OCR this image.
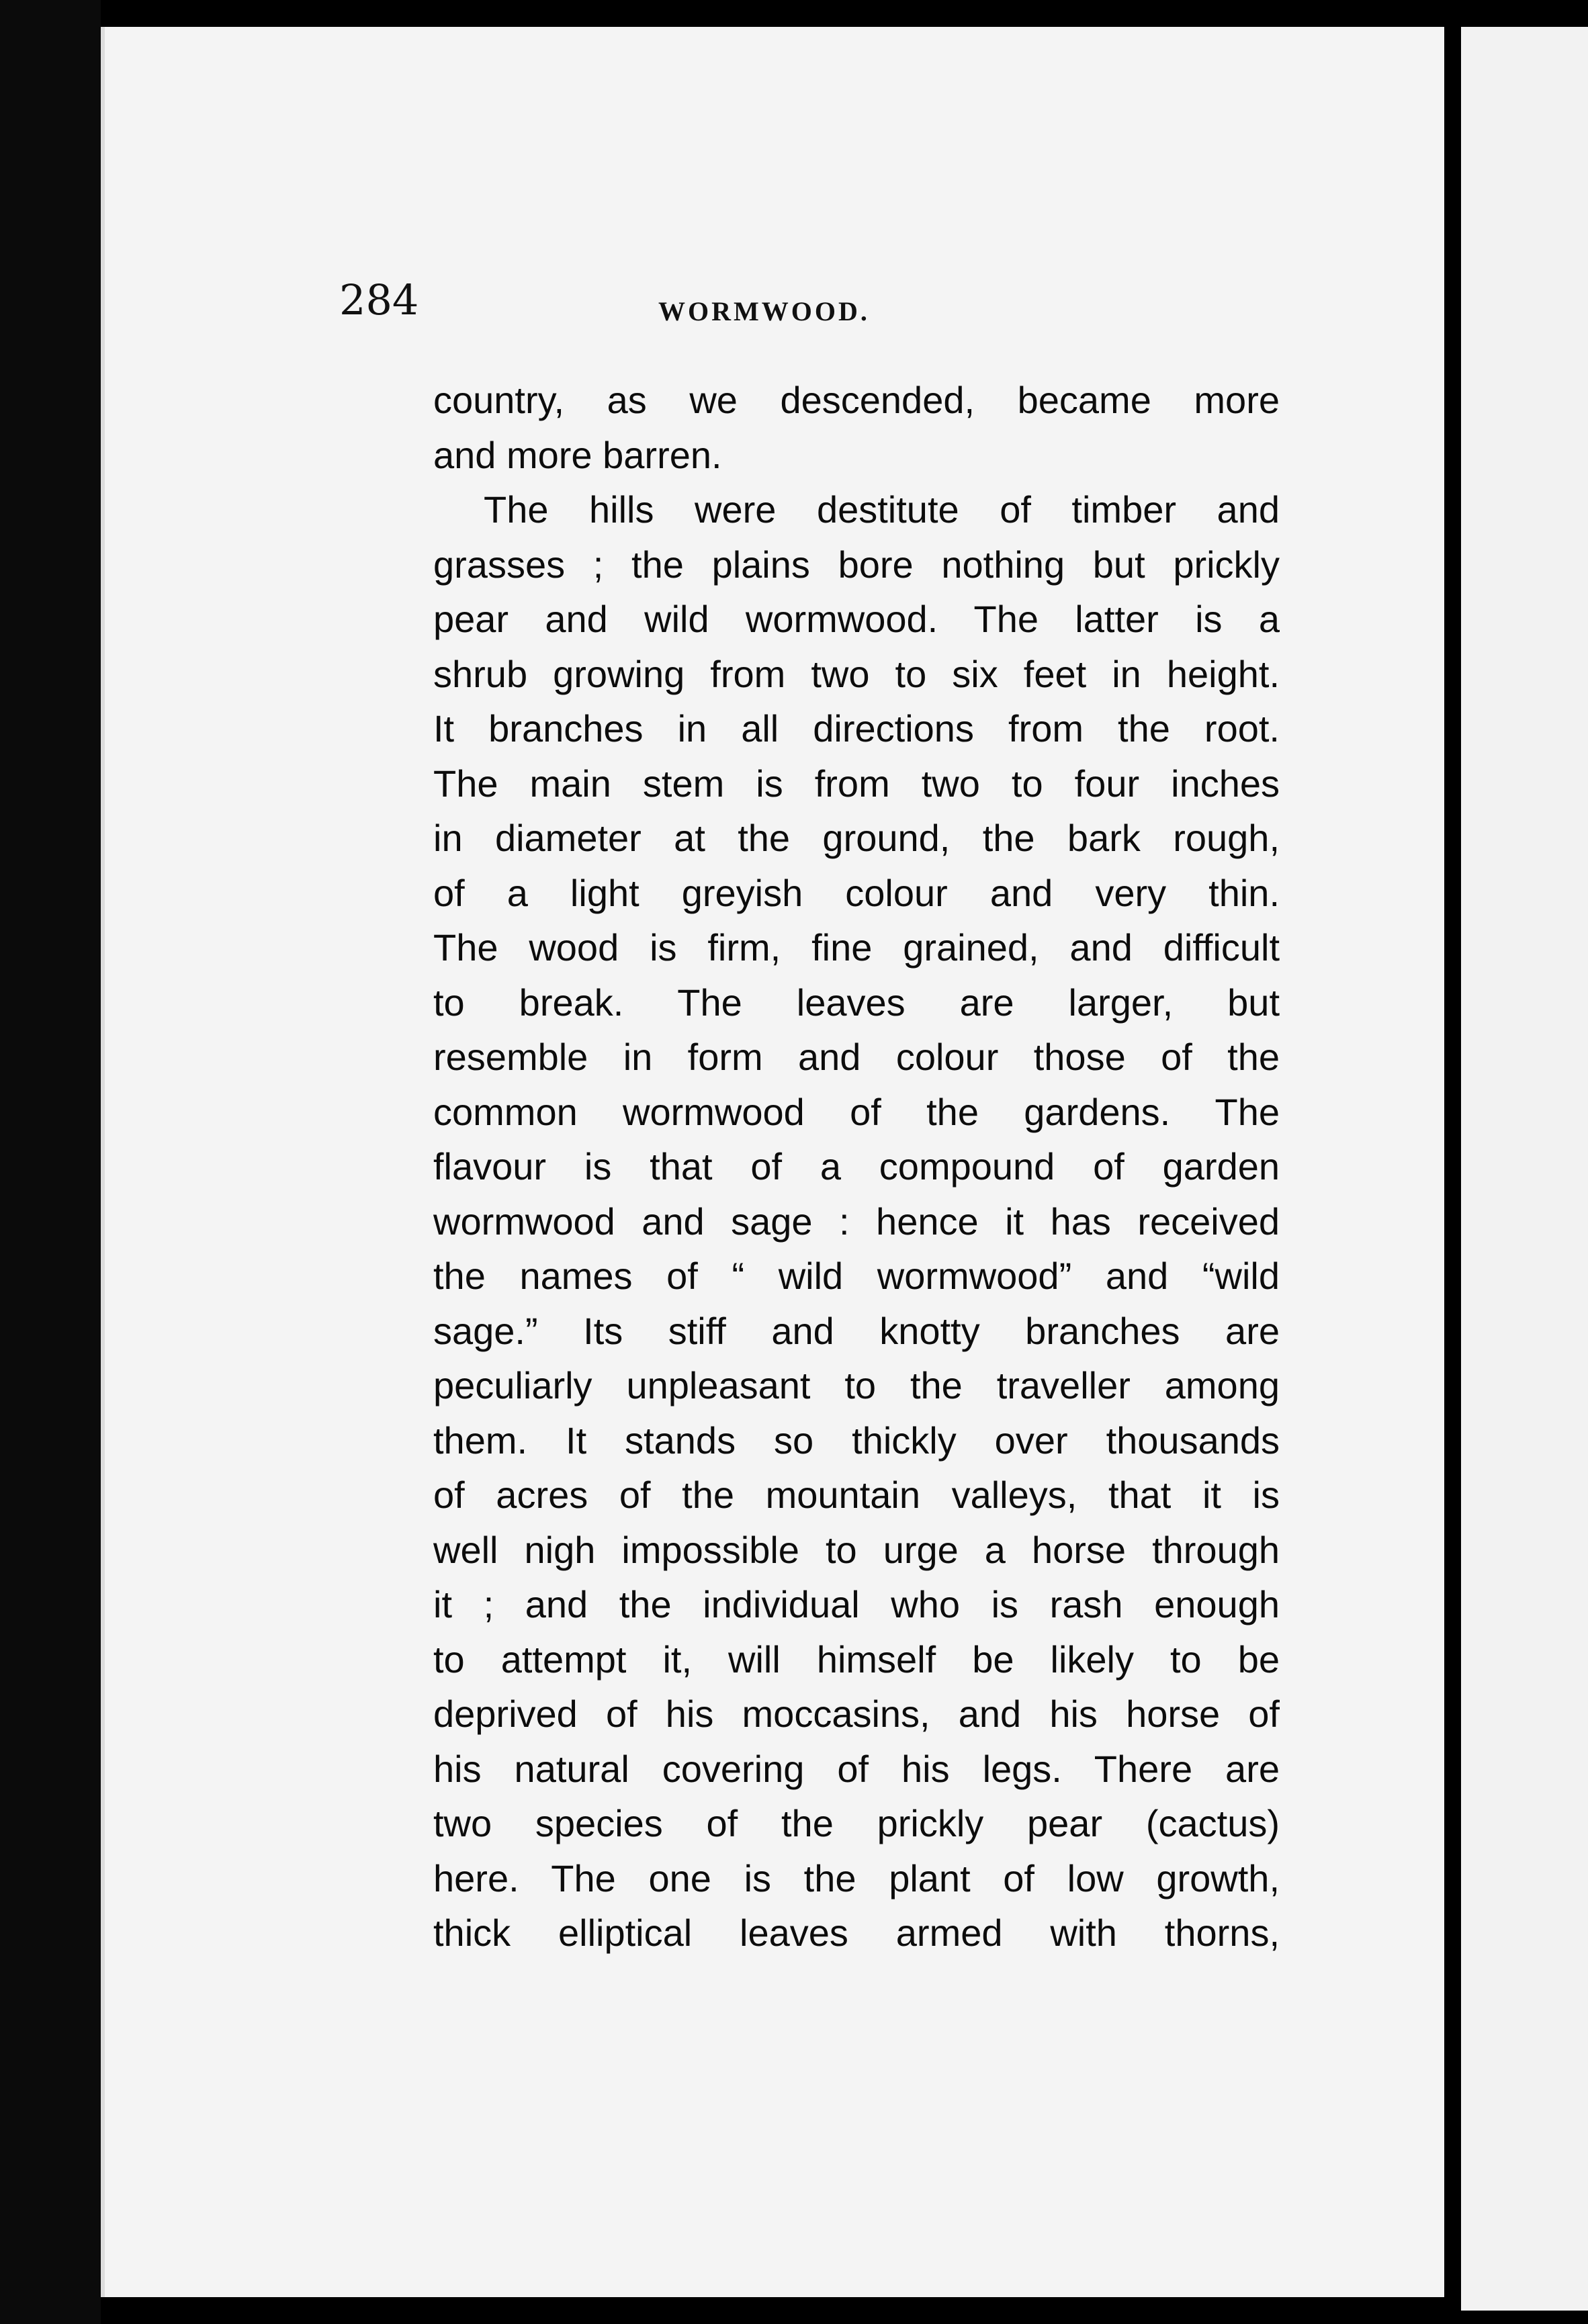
284	WORMWOOD.
country, as we descended, became more
and more barren.
The hills were destitute of timber and
grasses ; the plains bore nothing but prickly
pear and wild wormwood. The latter is a
shrub growing from two to six feet in height.
It branches in all directions from the root.
The main stem is from two to four inches
in diameter at the ground, the bark rough,
of a light greyish colour and very thin.
The wood is firm, fine grained, and difficult
to break. The leaves are larger, but
resemble in form and colour those of the
common wormwood of the gardens. The
flavour is that of a compound of garden
wormwood and sage : hence it has received
the names of “ wild wormwood” and “wild
sage.” Its stiff and knotty branches are
peculiarly unpleasant to the traveller among
them. It stands so thickly over thousands
of acres of the mountain valleys, that it is
well nigh impossible to urge a horse through
it ; and the individual who is rash enough
to attempt it, will himself be likely to be
deprived of his moccasins, and his horse of
his natural covering of his legs. There are
two species of the prickly pear (cactus)
here. The one is the plant of low growth,
thick elliptical leaves armed with thorns,
